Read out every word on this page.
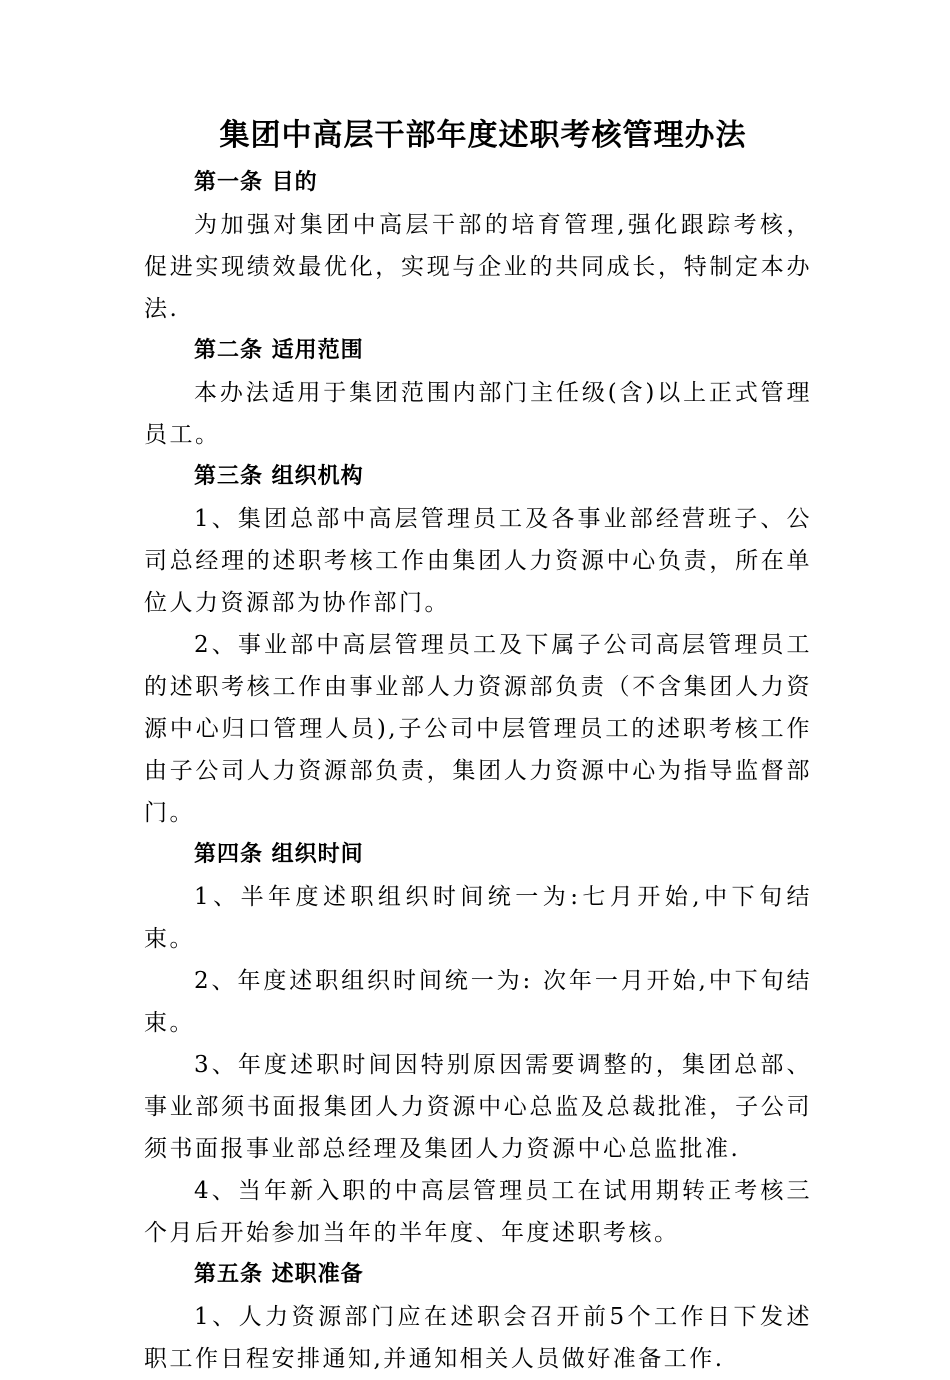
集团中高层干部年度述职考核管理办法

第一条 目的

为加强对集团中高层干部的培育管理,强化跟踪考核，促进实现绩效最优化，实现与企业的共同成长，特制定本办法.

第二条 适用范围

本办法适用于集团范围内部门主任级(含)以上正式管理员工。

第三条 组织机构

1、集团总部中高层管理员工及各事业部经营班子、公司总经理的述职考核工作由集团人力资源中心负责，所在单位人力资源部为协作部门。

2、事业部中高层管理员工及下属子公司高层管理员工的述职考核工作由事业部人力资源部负责（不含集团人力资源中心归口管理人员),子公司中层管理员工的述职考核工作由子公司人力资源部负责，集团人力资源中心为指导监督部门。

第四条 组织时间

1、半年度述职组织时间统一为:七月开始,中下旬结束。

2、年度述职组织时间统一为: 次年一月开始,中下旬结束。

3、年度述职时间因特别原因需要调整的，集团总部、事业部须书面报集团人力资源中心总监及总裁批准，子公司须书面报事业部总经理及集团人力资源中心总监批准.

4、当年新入职的中高层管理员工在试用期转正考核三个月后开始参加当年的半年度、年度述职考核。

第五条 述职准备

1、人力资源部门应在述职会召开前5个工作日下发述职工作日程安排通知,并通知相关人员做好准备工作.
